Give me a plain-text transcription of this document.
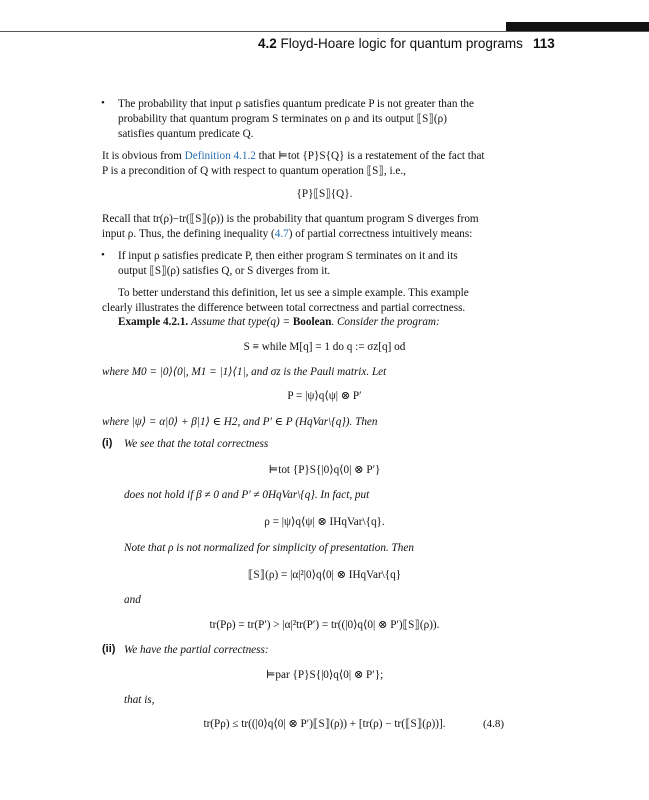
4.2 Floyd-Hoare logic for quantum programs 113
• The probability that input ρ satisfies quantum predicate P is not greater than the
probability that quantum program S terminates on ρ and its output ⟦S⟧(ρ)
satisfies quantum predicate Q.
It is obvious from Definition 4.1.2 that ⊨tot {P}S{Q} is a restatement of the fact that
P is a precondition of Q with respect to quantum operation ⟦S⟧, i.e.,
{P}⟦S⟧{Q}.
Recall that tr(ρ)−tr(⟦S⟧(ρ)) is the probability that quantum program S diverges from
input ρ. Thus, the defining inequality (4.7) of partial correctness intuitively means:
• If input ρ satisfies predicate P, then either program S terminates on it and its
output ⟦S⟧(ρ) satisfies Q, or S diverges from it.
To better understand this definition, let us see a simple example. This example
clearly illustrates the difference between total correctness and partial correctness.
Example 4.2.1. Assume that type(q) = Boolean. Consider the program:
S ≡ while M[q] = 1 do q := σz[q] od
where M0 = |0⟩⟨0|, M1 = |1⟩⟨1|, and σz is the Pauli matrix. Let
P = |ψ⟩q⟨ψ| ⊗ P′
where |ψ⟩ = α|0⟩ + β|1⟩ ∈ H2, and P′ ∈ P (HqVar\{q}). Then
(i) We see that the total correctness
⊨tot {P}S{|0⟩q⟨0| ⊗ P′}
does not hold if β ≠ 0 and P′ ≠ 0HqVar\{q}. In fact, put
ρ = |ψ⟩q⟨ψ| ⊗ IHqVar\{q}.
Note that ρ is not normalized for simplicity of presentation. Then
⟦S⟧(ρ) = |α|²|0⟩q⟨0| ⊗ IHqVar\{q}
and
tr(Pρ) = tr(P′) > |α|²tr(P′) = tr((|0⟩q⟨0| ⊗ P′)⟦S⟧(ρ)).
(ii) We have the partial correctness:
⊨par {P}S{|0⟩q⟨0| ⊗ P′};
that is,
tr(Pρ) ≤ tr((|0⟩q⟨0| ⊗ P′)⟦S⟧(ρ)) + [tr(ρ) − tr(⟦S⟧(ρ))].	(4.8)
